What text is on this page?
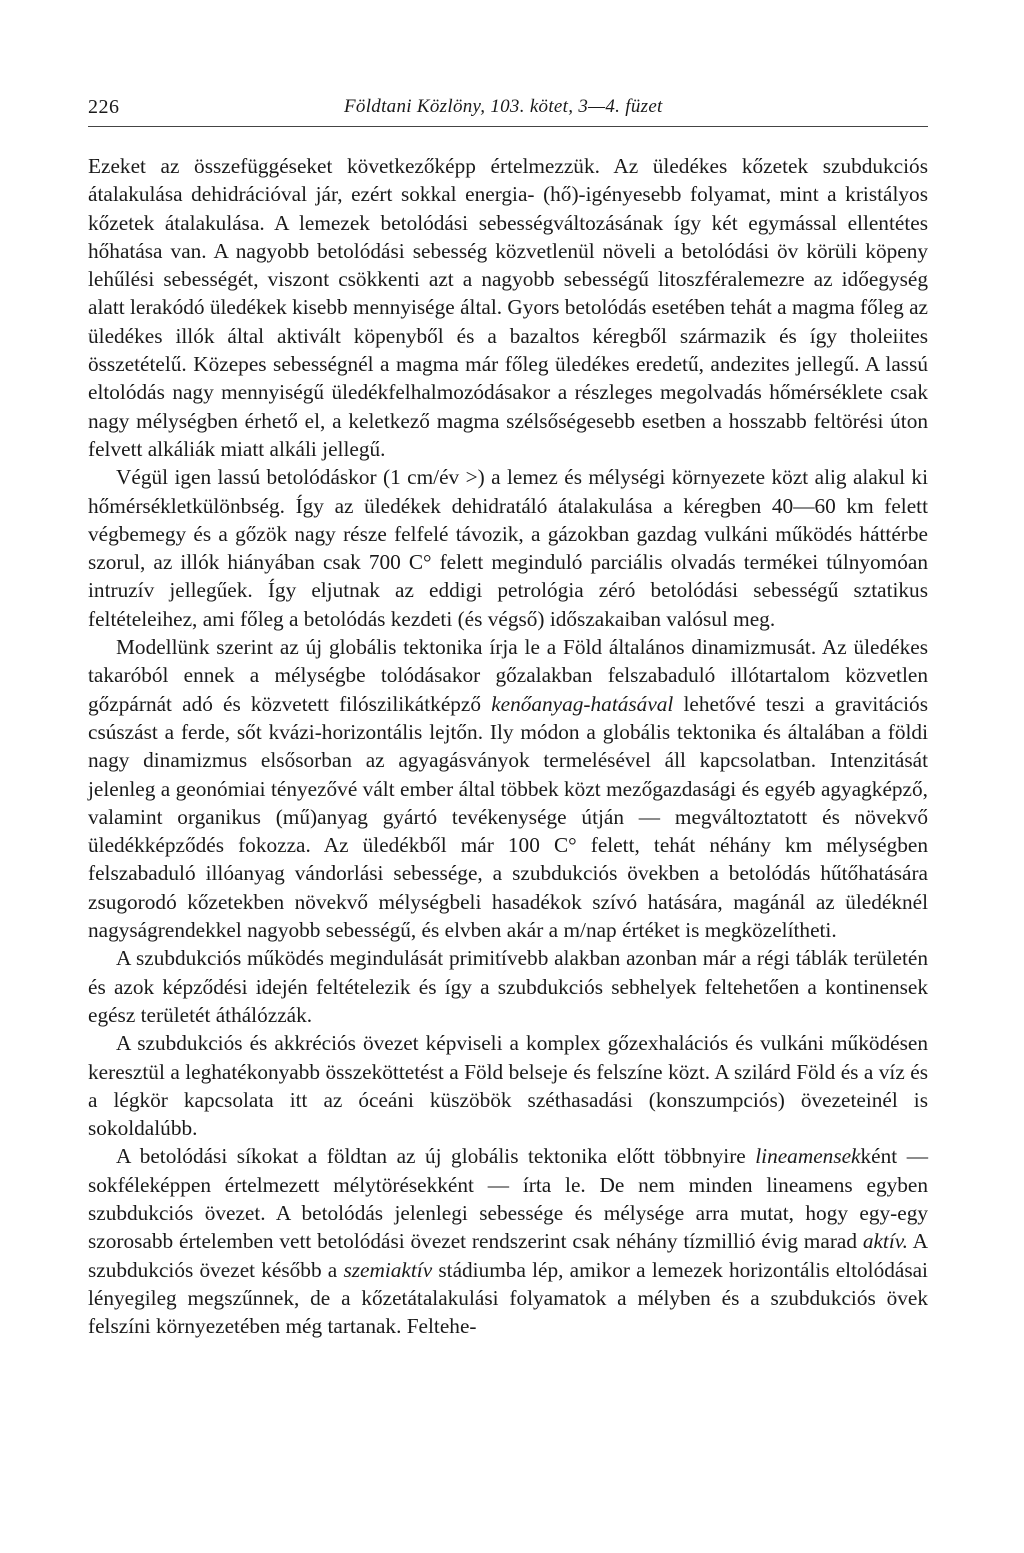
226	Földtani Közlöny, 103. kötet, 3—4. füzet

Ezeket az összefüggéseket következőképp értelmezzük. Az üledékes kőzetek szubdukciós átalakulása dehidrációval jár, ezért sokkal energia- (hő)-igényesebb folyamat, mint a kristályos kőzetek átalakulása. A lemezek betolódási sebességváltozásának így két egymással ellentétes hőhatása van. A nagyobb betolódási sebesség közvetlenül növeli a betolódási öv körüli köpeny lehűlési sebességét, viszont csökkenti azt a nagyobb sebességű litoszféralemezre az időegység alatt lerakódó üledékek kisebb mennyisége által. Gyors betolódás esetében tehát a magma főleg az üledékes illók által aktivált köpenyből és a bazaltos kéregből származik és így tholeiites összetételű. Közepes sebességnél a magma már főleg üledékes eredetű, andezites jellegű. A lassú eltolódás nagy mennyiségű üledékfelhalmozódásakor a részleges megolvadás hőmérséklete csak nagy mélységben érhető el, a keletkező magma szélsőségesebb esetben a hosszabb feltörési úton felvett alkáliák miatt alkáli jellegű.

Végül igen lassú betolódáskor (1 cm/év >) a lemez és mélységi környezete közt alig alakul ki hőmérsékletkülönbség. Így az üledékek dehidratáló átalakulása a kéregben 40—60 km felett végbemegy és a gőzök nagy része felfelé távozik, a gázokban gazdag vulkáni működés háttérbe szorul, az illók hiányában csak 700 C° felett meginduló parciális olvadás termékei túlnyomóan intruzív jellegűek. Így eljutnak az eddigi petrológia zéró betolódási sebességű sztatikus feltételeihez, ami főleg a betolódás kezdeti (és végső) időszakaiban valósul meg.

Modellünk szerint az új globális tektonika írja le a Föld általános dinamizmusát. Az üledékes takaróból ennek a mélységbe tolódásakor gőzalakban felszabaduló illótartalom közvetlen gőzpárnát adó és közvetett filószilikátképző kenőanyag-hatásával lehetővé teszi a gravitációs csúszást a ferde, sőt kvázi-horizontális lejtőn. Ily módon a globális tektonika és általában a földi nagy dinamizmus elsősorban az agyagásványok termelésével áll kapcsolatban. Intenzitását jelenleg a geonómiai tényezővé vált ember által többek közt mezőgazdasági és egyéb agyagképző, valamint organikus (mű)anyag gyártó tevékenysége útján — megváltoztatott és növekvő üledékképződés fokozza. Az üledékből már 100 C° felett, tehát néhány km mélységben felszabaduló illóanyag vándorlási sebessége, a szubdukciós övekben a betolódás hűtőhatására zsugorodó kőzetekben növekvő mélységbeli hasadékok szívó hatására, magánál az üledéknél nagyságrendekkel nagyobb sebességű, és elvben akár a m/nap értéket is megközelítheti.

A szubdukciós működés megindulását primitívebb alakban azonban már a régi táblák területén és azok képződési idején feltételezik és így a szubdukciós sebhelyek feltehetően a kontinensek egész területét áthálózzák.

A szubdukciós és akkréciós övezet képviseli a komplex gőzexhalációs és vulkáni működésen keresztül a leghatékonyabb összeköttetést a Föld belseje és felszíne közt. A szilárd Föld és a víz és a légkör kapcsolata itt az óceáni küszöbök széthasadási (konszumpciós) övezeteinél is sokoldalúbb.

A betolódási síkokat a földtan az új globális tektonika előtt többnyire lineamensekként — sokféleképpen értelmezett mélytörésekként — írta le. De nem minden lineamens egyben szubdukciós övezet. A betolódás jelenlegi sebessége és mélysége arra mutat, hogy egy-egy szorosabb értelemben vett betolódási övezet rendszerint csak néhány tízmillió évig marad aktív. A szubdukciós övezet később a szemiaktív stádiumba lép, amikor a lemezek horizontális eltolódásai lényegileg megszűnnek, de a kőzetátalakulási folyamatok a mélyben és a szubdukciós övek felszíni környezetében még tartanak. Feltehe-
